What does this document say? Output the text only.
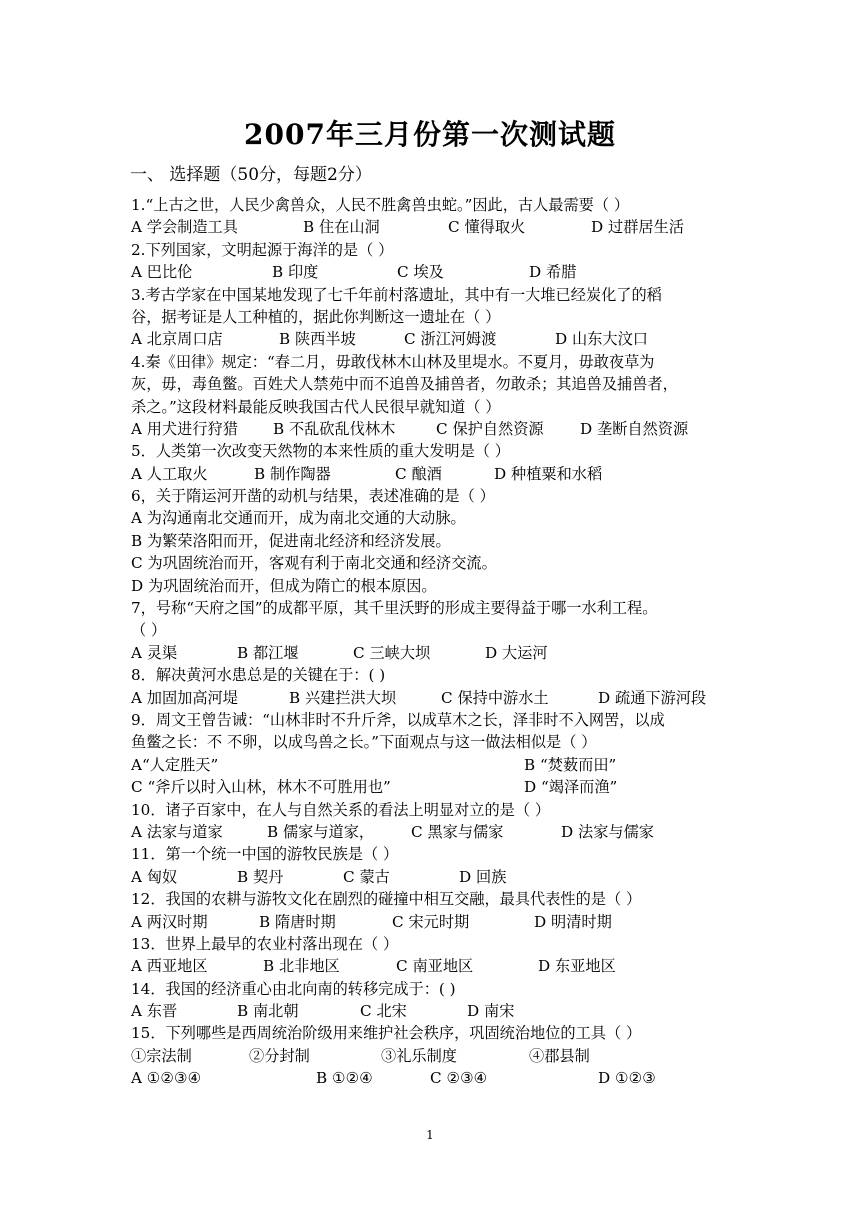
2007年三月份第一次测试题
一、 选择题（50分，每题2分）
1.“上古之世，人民少禽兽众，人民不胜禽兽虫蛇。”因此，古人最需要（ ）
A 学会制造工具	B 住在山洞	C 懂得取火	D 过群居生活
2.下列国家，文明起源于海洋的是（ ）
A 巴比伦	B 印度	C 埃及	D 希腊
3.考古学家在中国某地发现了七千年前村落遗址，其中有一大堆已经炭化了的稻
谷，据考证是人工种植的，据此你判断这一遗址在（ ）
A 北京周口店	B 陕西半坡	C 浙江河姆渡	D 山东大汶口
4.秦《田律》规定：“春二月，毋敢伐林木山林及里堤水。不夏月，毋敢夜草为
灰，毋，毒鱼鳖。百姓犬人禁苑中而不追兽及捕兽者，勿敢杀；其追兽及捕兽者，
杀之。”这段材料最能反映我国古代人民很早就知道（ ）
A 用犬进行狩猎 B 不乱砍乱伐林木	C 保护自然资源 D 垄断自然资源
5．人类第一次改变天然物的本来性质的重大发明是（ ）
A 人工取火	B 制作陶器	C 酿酒	D 种植粟和水稻
6，关于隋运河开凿的动机与结果，表述准确的是（ ）
A 为沟通南北交通而开，成为南北交通的大动脉。
B 为繁荣洛阳而开，促进南北经济和经济发展。
C 为巩固统治而开，客观有利于南北交通和经济交流。
D 为巩固统治而开，但成为隋亡的根本原因。
7，号称“天府之国”的成都平原，其千里沃野的形成主要得益于哪一水利工程。
（ ）
A 灵渠	B 都江堰	C 三峡大坝	D 大运河
8．解决黄河水患总是的关键在于：( )
A 加固加高河堤	B 兴建拦洪大坝	C 保持中游水土	D 疏通下游河段
9．周文王曾告诫：“山林非时不升斤斧，以成草木之长，泽非时不入网罟，以成
鱼鳖之长：不 不卵，以成鸟兽之长。”下面观点与这一做法相似是（ ）
A“人定胜天”	B “焚薮而田”
C “斧斤以时入山林，林木不可胜用也”	D “竭泽而渔”
10．诸子百家中，在人与自然关系的看法上明显对立的是（ ）
A 法家与道家	B 儒家与道家， C 黑家与儒家	D 法家与儒家
11．第一个统一中国的游牧民族是（ ）
A 匈奴	B 契丹	C 蒙古	D 回族
12．我国的农耕与游牧文化在剧烈的碰撞中相互交融，最具代表性的是（ ）
A 两汉时期	B 隋唐时期	C 宋元时期	D 明清时期
13．世界上最早的农业村落出现在（ ）
A 西亚地区	B 北非地区	C 南亚地区	D 东亚地区
14．我国的经济重心由北向南的转移完成于：( )
A 东晋	B 南北朝	C 北宋	D 南宋
15．下列哪些是西周统治阶级用来维护社会秩序，巩固统治地位的工具（ ）
①宗法制	②分封制	③礼乐制度	④郡县制
A ①②③④	B ①②④	C ②③④	D ①②③
1
